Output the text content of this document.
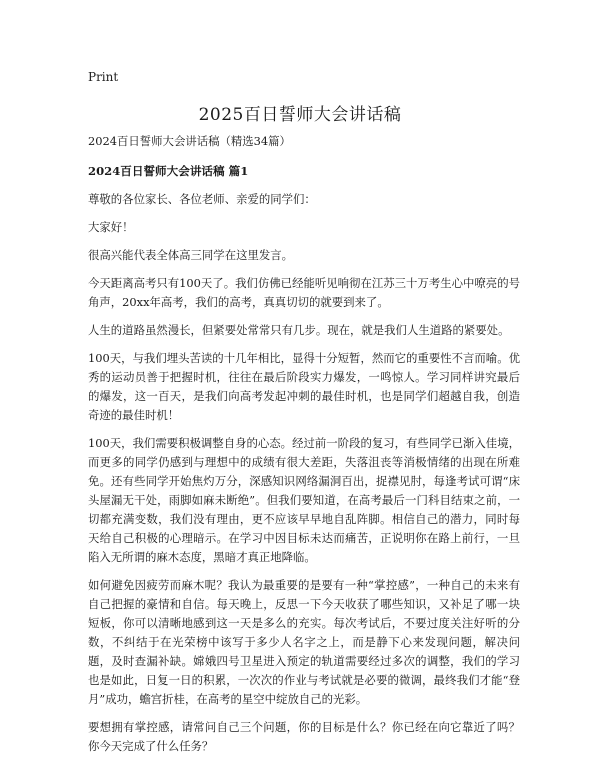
Print
2025百日誓师大会讲话稿

2024百日誓师大会讲话稿（精选34篇）

2024百日誓师大会讲话稿 篇1

尊敬的各位家长、各位老师、亲爱的同学们：

大家好！

很高兴能代表全体高三同学在这里发言。

今天距离高考只有100天了。我们仿佛已经能听见响彻在江苏三十万考生心中嘹亮的号角声，20xx年高考，我们的高考，真真切切的就要到来了。

人生的道路虽然漫长，但紧要处常常只有几步。现在，就是我们人生道路的紧要处。

100天，与我们埋头苦读的十几年相比，显得十分短暂，然而它的重要性不言而喻。优秀的运动员善于把握时机，往往在最后阶段实力爆发，一鸣惊人。学习同样讲究最后的爆发，这一百天，是我们向高考发起冲刺的最佳时机，也是同学们超越自我，创造奇迹的最佳时机！

100天，我们需要积极调整自身的心态。经过前一阶段的复习，有些同学已渐入佳境，而更多的同学仍感到与理想中的成绩有很大差距，失落沮丧等消极情绪的出现在所难免。还有些同学开始焦灼万分，深感知识网络漏洞百出，捉襟见肘，每逢考试可谓“床头屋漏无干处，雨脚如麻未断绝”。但我们要知道，在高考最后一门科目结束之前，一切都充满变数，我们没有理由，更不应该早早地自乱阵脚。相信自己的潜力，同时每天给自己积极的心理暗示。在学习中因目标未达而痛苦，正说明你在路上前行，一旦陷入无所谓的麻木态度，黑暗才真正地降临。

如何避免因疲劳而麻木呢？我认为最重要的是要有一种“掌控感”，一种自己的未来有自己把握的豪情和自信。每天晚上，反思一下今天收获了哪些知识，又补足了哪一块短板，你可以清晰地感到这一天是多么的充实。每次考试后，不要过度关注好听的分数，不纠结于在光荣榜中该写于多少人名字之上，而是静下心来发现问题，解决问题，及时查漏补缺。嫦娥四号卫星进入预定的轨道需要经过多次的调整，我们的学习也是如此，日复一日的积累，一次次的作业与考试就是必要的微调，最终我们才能“登月”成功，蟾宫折桂，在高考的星空中绽放自己的光彩。

要想拥有掌控感，请常问自己三个问题，你的目标是什么？你已经在向它靠近了吗？你今天完成了什么任务？
